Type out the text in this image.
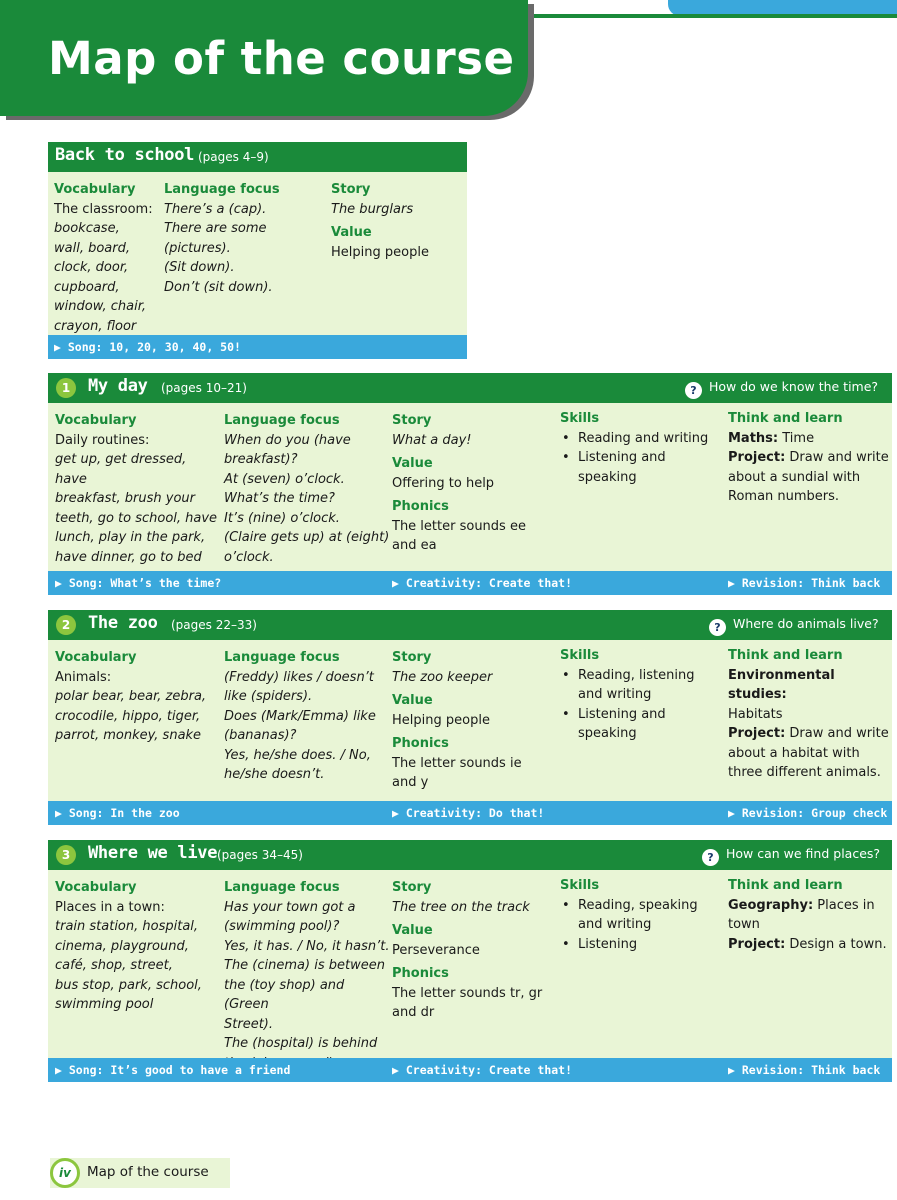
Map of the course
Back to school (pages 4–9)
Vocabulary
The classroom:
bookcase,
wall, board,
clock, door,
cupboard,
window, chair,
crayon, floor
Language focus
There’s a (cap).
There are some
(pictures).
(Sit down).
Don’t (sit down).
Story
The burglars
Value
Helping people
▶ Song: 10, 20, 30, 40, 50!
1	My day (pages 10–21)	? How do we know the time?
Vocabulary
Daily routines:
get up, get dressed, have
breakfast, brush your
teeth, go to school, have
lunch, play in the park,
have dinner, go to bed
Language focus
When do you (have
breakfast)?
At (seven) o’clock.
What’s the time?
It’s (nine) o’clock.
(Claire gets up) at (eight)
o’clock.
Story
What a day!
Value
Offering to help
Phonics
The letter sounds ee
and ea
Skills
• Reading and writing
• Listening and
speaking
Think and learn
Maths: Time
Project: Draw and write
about a sundial with
Roman numbers.
▶ Song: What’s the time?	▶ Creativity: Create that!	▶ Revision: Think back
2	The zoo (pages 22–33)	? Where do animals live?
Vocabulary
Animals:
polar bear, bear, zebra,
crocodile, hippo, tiger,
parrot, monkey, snake
Language focus
(Freddy) likes / doesn’t
like (spiders).
Does (Mark/Emma) like
(bananas)?
Yes, he/she does. / No,
he/she doesn’t.
Story
The zoo keeper
Value
Helping people
Phonics
The letter sounds ie
and y
Skills
• Reading, listening
and writing
• Listening and
speaking
Think and learn
Environmental studies:
Habitats
Project: Draw and write
about a habitat with
three different animals.
▶ Song: In the zoo	▶ Creativity: Do that!	▶ Revision: Group check
3	Where we live (pages 34–45)	? How can we find places?
Vocabulary
Places in a town:
train station, hospital,
cinema, playground,
café, shop, street,
bus stop, park, school,
swimming pool
Language focus
Has your town got a
(swimming pool)?
Yes, it has. / No, it hasn’t.
The (cinema) is between
the (toy shop) and (Green
Street).
The (hospital) is behind
Story
The tree on the track
Value
Perseverance
Phonics
The letter sounds tr, gr
and dr
Skills
• Reading, speaking
and writing
• Listening
Think and learn
Geography: Places in
town
Project: Design a town.
▶ Song: It’s good to have a friend	▶ Creativity: Create that!	▶ Revision: Think back
iv	Map of the course
